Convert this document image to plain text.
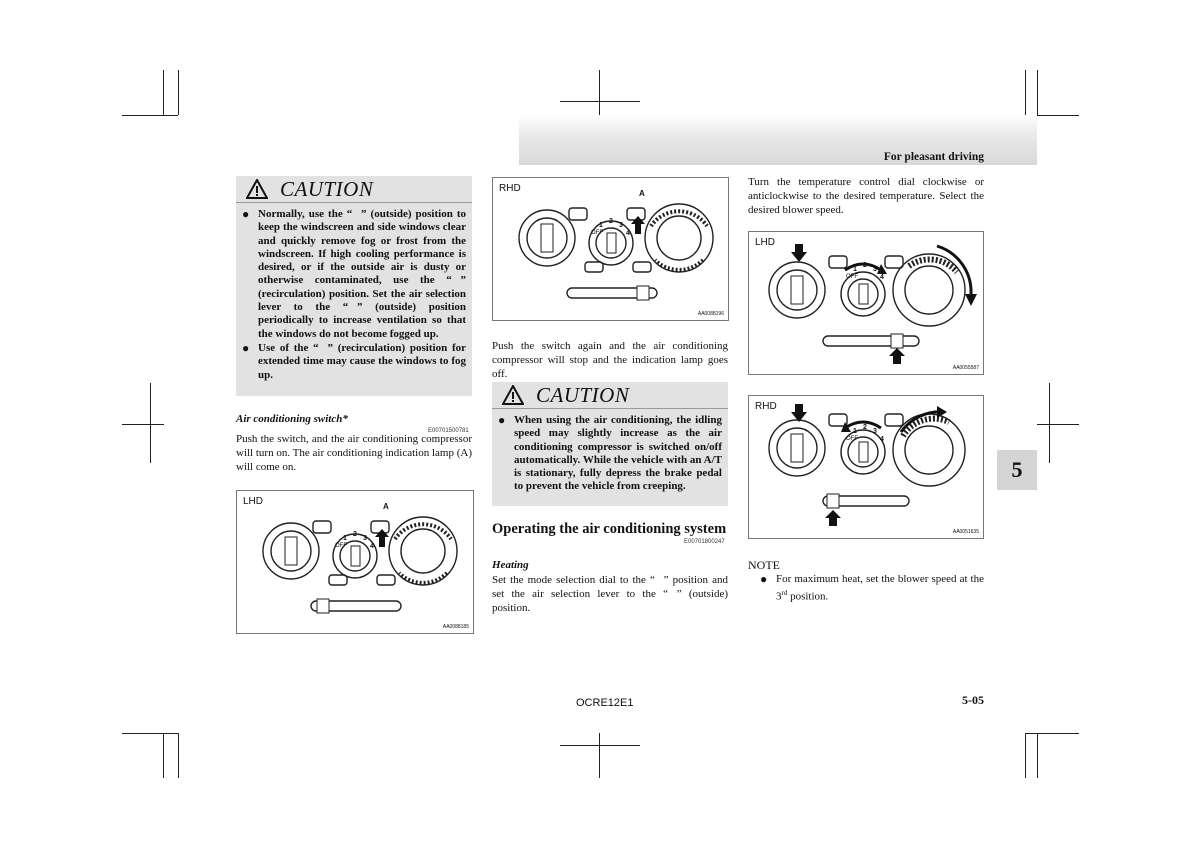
For pleasant driving
CAUTION
● Normally, use the “    ” (outside) position to keep the windscreen and side windows clear and quickly remove fog or frost from the windscreen. If high cooling performance is desired, or if the outside air is dusty or otherwise contaminated, use the “    ” (recirculation) position. Set the air selection lever to the “    ” (outside) position periodically to increase ventilation so that the windows do not become fogged up.
● Use of the “    ” (recirculation) position for extended time may cause the windows to fog up.
Air conditioning switch*
E00701500781
Push the switch, and the air conditioning compressor will turn on. The air conditioning indication lamp (A) will come on.
LHD
AA0088185
A
OFF
1
2
3
4
RHD
AA0088196
A
OFF
1
2
3
4
Push the switch again and the air conditioning compressor will stop and the indication lamp goes off.
CAUTION
● When using the air conditioning, the idling speed may slightly increase as the air conditioning compressor is switched on/off automatically. While the vehicle with an A/T is stationary, fully depress the brake pedal to prevent the vehicle from creeping.
Operating the air conditioning system
E00701800247
Heating
Set the mode selection dial to the “    ” position and set the air selection lever to the “    ” (outside) position.
Turn the temperature control dial clockwise or anticlockwise to the desired temperature. Select the desired blower speed.
LHD
AA0055587
OFF
1
2
3
4
RHD
AA0051635
OFF
1
2
3
4
NOTE
● For maximum heat, set the blower speed at the 3rd position.
5
OCRE12E1	5-05
